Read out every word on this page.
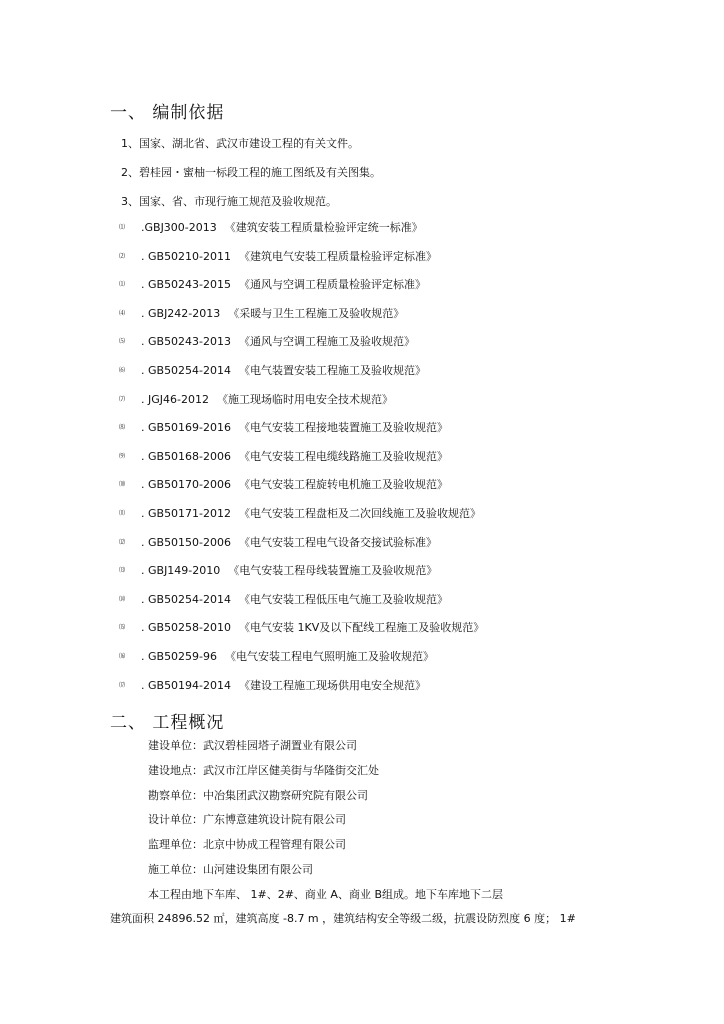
一、 编制依据
1、国家、湖北省、武汉市建设工程的有关文件。
2、碧桂园・蜜柚一标段工程的施工图纸及有关图集。
3、国家、省、市现行施工规范及验收规范。
⑴ .GBJ300-2013 《建筑安装工程质量检验评定统一标准》
⑵ . GB50210-2011 《建筑电气安装工程质量检验评定标准》
⑴ . GB50243-2015 《通风与空调工程质量检验评定标准》
⑷ . GBJ242-2013 《采暖与卫生工程施工及验收规范》
⑸ . GB50243-2013 《通风与空调工程施工及验收规范》
⑹ . GB50254-2014 《电气装置安装工程施工及验收规范》
⑺ . JGJ46-2012 《施工现场临时用电安全技术规范》
⑻ . GB50169-2016 《电气安装工程接地装置施工及验收规范》
⑼ . GB50168-2006 《电气安装工程电缆线路施工及验收规范》
⑽ . GB50170-2006 《电气安装工程旋转电机施工及验收规范》
⑾ . GB50171-2012 《电气安装工程盘柜及二次回线施工及验收规范》
⑿ . GB50150-2006 《电气安装工程电气设备交接试验标准》
⒀ . GBJ149-2010 《电气安装工程母线装置施工及验收规范》
⒁ . GB50254-2014 《电气安装工程低压电气施工及验收规范》
⒂ . GB50258-2010 《电气安装 1KV及以下配线工程施工及验收规范》
⒃ . GB50259-96 《电气安装工程电气照明施工及验收规范》
⒄ . GB50194-2014 《建设工程施工现场供用电安全规范》
二、 工程概况
建设单位：武汉碧桂园塔子湖置业有限公司
建设地点：武汉市江岸区健美街与华隆街交汇处
勘察单位：中冶集团武汉勘察研究院有限公司
设计单位：广东博意建筑设计院有限公司
监理单位：北京中协成工程管理有限公司
施工单位：山河建设集团有限公司
本工程由地下车库、 1#、2#、商业 A、商业 B组成。地下车库地下二层
建筑面积 24896.52 ㎡，建筑高度 -8.7 m ，建筑结构安全等级二级，抗震设防烈度 6 度； 1#
